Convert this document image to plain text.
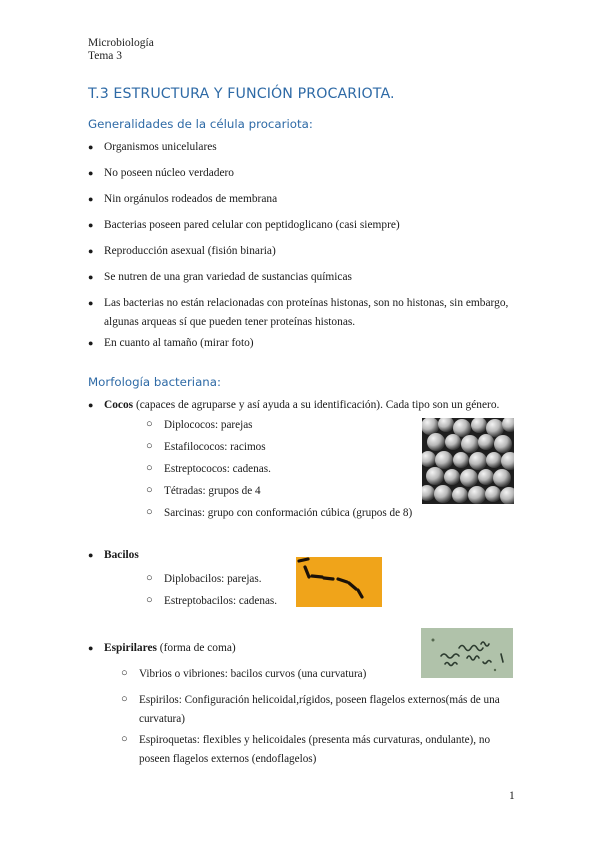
Microbiología
Tema 3
T.3 ESTRUCTURA Y FUNCIÓN PROCARIOTA.
Generalidades de la célula procariota:
● Organismos unicelulares
● No poseen núcleo verdadero
● Nin orgánulos rodeados de membrana
● Bacterias poseen pared celular con peptidoglicano (casi siempre)
● Reproducción asexual (fisión binaria)
● Se nutren de una gran variedad de sustancias químicas
● Las bacterias no están relacionadas con proteínas histonas, son no histonas, sin embargo,
algunas arqueas sí que pueden tener proteínas histonas.
● En cuanto al tamaño (mirar foto)
Morfología bacteriana:
● Cocos (capaces de agruparse y así ayuda a su identificación). Cada tipo son un género.
○ Diplococos: parejas
○ Estafilococos: racimos
○ Estreptococos: cadenas.
○ Tétradas: grupos de 4
○ Sarcinas: grupo con conformación cúbica (grupos de 8)
● Bacilos
○ Diplobacilos: parejas.
○ Estreptobacilos: cadenas.
● Espirilares (forma de coma)
○ Vibrios o vibriones: bacilos curvos (una curvatura)
○ Espirilos: Configuración helicoidal,rígidos, poseen flagelos externos(más de una
curvatura)
○ Espiroquetas: flexibles y helicoidales (presenta más curvaturas, ondulante), no
poseen flagelos externos (endoflagelos)
1
